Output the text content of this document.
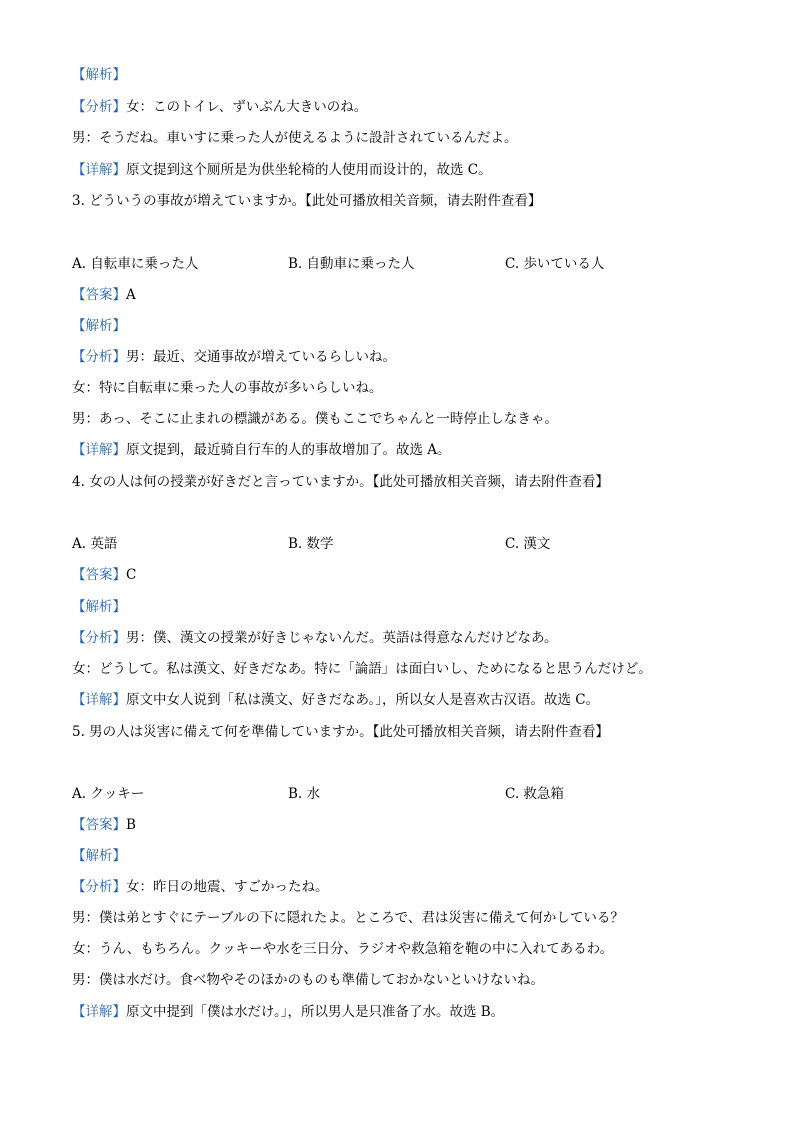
【解析】
【分析】女：このトイレ、ずいぶん大きいのね。
男：そうだね。車いすに乗った人が使えるように設計されているんだよ。
【详解】原文提到这个厕所是为供坐轮椅的人使用而设计的，故选 C。
3. どういうの事故が増えていますか。【此处可播放相关音频，请去附件查看】
A. 自転車に乗った人	B. 自動車に乗った人	C. 歩いている人
【答案】A
【解析】
【分析】男：最近、交通事故が増えているらしいね。
女：特に自転車に乗った人の事故が多いらしいね。
男：あっ、そこに止まれの標識がある。僕もここでちゃんと一時停止しなきゃ。
【详解】原文提到，最近骑自行车的人的事故增加了。故选 A。
4. 女の人は何の授業が好きだと言っていますか。【此处可播放相关音频，请去附件查看】
A. 英語	B. 数学	C. 漢文
【答案】C
【解析】
【分析】男：僕、漢文の授業が好きじゃないんだ。英語は得意なんだけどなあ。
女：どうして。私は漢文、好きだなあ。特に「論語」は面白いし、ためになると思うんだけど。
【详解】原文中女人说到「私は漢文、好きだなあ。」，所以女人是喜欢古汉语。故选 C。
5. 男の人は災害に備えて何を準備していますか。【此处可播放相关音频，请去附件查看】
A. クッキー	B. 水	C. 救急箱
【答案】B
【解析】
【分析】女：昨日の地震、すごかったね。
男：僕は弟とすぐにテーブルの下に隠れたよ。ところで、君は災害に備えて何かしている？
女：うん、もちろん。クッキーや水を三日分、ラジオや救急箱を鞄の中に入れてあるわ。
男：僕は水だけ。食べ物やそのほかのものも準備しておかないといけないね。
【详解】原文中提到「僕は水だけ。」，所以男人是只准备了水。故选 B。
